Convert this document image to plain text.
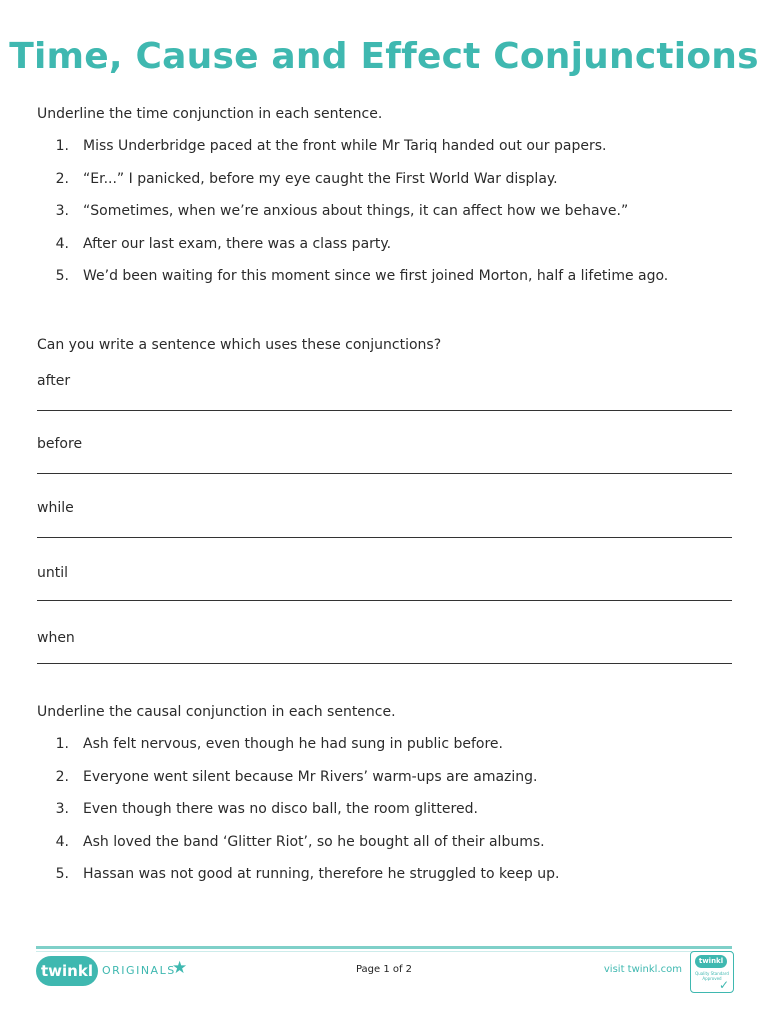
Time, Cause and Effect Conjunctions
Underline the time conjunction in each sentence.
1.	Miss Underbridge paced at the front while Mr Tariq handed out our papers.
2.	“Er...” I panicked, before my eye caught the First World War display.
3.	“Sometimes, when we’re anxious about things, it can affect how we behave.”
4.	After our last exam, there was a class party.
5.	We’d been waiting for this moment since we first joined Morton, half a lifetime ago.
Can you write a sentence which uses these conjunctions?
after
before
while
until
when
Underline the causal conjunction in each sentence.
1.	Ash felt nervous, even though he had sung in public before.
2.	Everyone went silent because Mr Rivers’ warm-ups are amazing.
3.	Even though there was no disco ball, the room glittered.
4.	Ash loved the band ‘Glitter Riot’, so he bought all of their albums.
5.	Hassan was not good at running, therefore he struggled to keep up.
twinkl ORIGINALS
★	Page 1 of 2	visit twinkl.com
twinkl
Quality Standard Approved
✓
